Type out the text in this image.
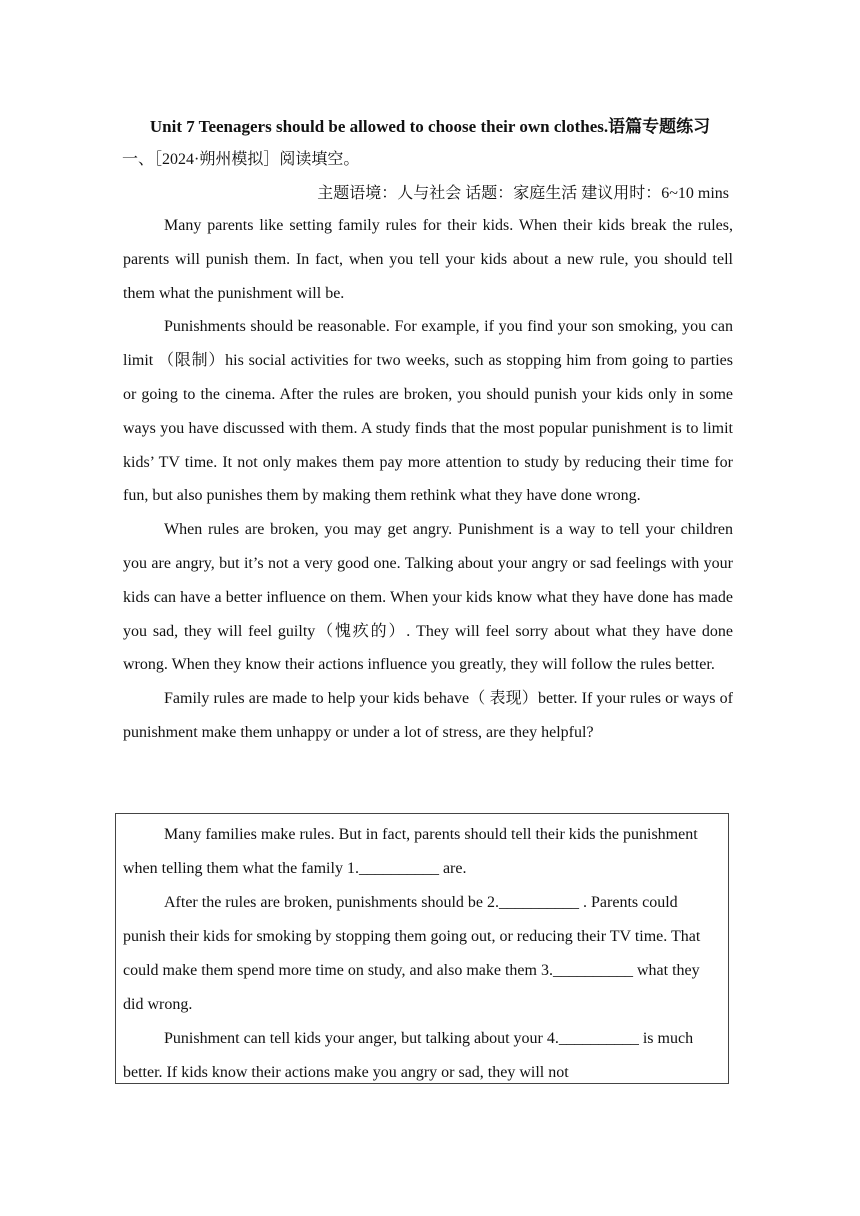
Unit 7 Teenagers should be allowed to choose their own clothes.语篇专题练习
一、［2024·朔州模拟］阅读填空。
主题语境：人与社会 话题：家庭生活 建议用时：6~10 mins

Many parents like setting family rules for their kids. When their kids break the rules, parents will punish them. In fact, when you tell your kids about a new rule, you should tell them what the punishment will be.

Punishments should be reasonable. For example, if you find your son smoking, you can limit （限制）his social activities for two weeks, such as stopping him from going to parties or going to the cinema. After the rules are broken, you should punish your kids only in some ways you have discussed with them. A study finds that the most popular punishment is to limit kids’ TV time. It not only makes them pay more attention to study by reducing their time for fun, but also punishes them by making them rethink what they have done wrong.

When rules are broken, you may get angry. Punishment is a way to tell your children you are angry, but it’s not a very good one. Talking about your angry or sad feelings with your kids can have a better influence on them. When your kids know what they have done has made you sad, they will feel guilty（愧疚的）. They will feel sorry about what they have done wrong. When they know their actions influence you greatly, they will follow the rules better.

Family rules are made to help your kids behave（ 表现）better. If your rules or ways of punishment make them unhappy or under a lot of stress, are they helpful?

Many families make rules. But in fact, parents should tell their kids the punishment when telling them what the family 1.__________ are.

After the rules are broken, punishments should be 2.__________ . Parents could punish their kids for smoking by stopping them going out, or reducing their TV time. That could make them spend more time on study, and also make them 3.__________ what they did wrong.

Punishment can tell kids your anger, but talking about your 4.__________ is much better. If kids know their actions make you angry or sad, they will not
